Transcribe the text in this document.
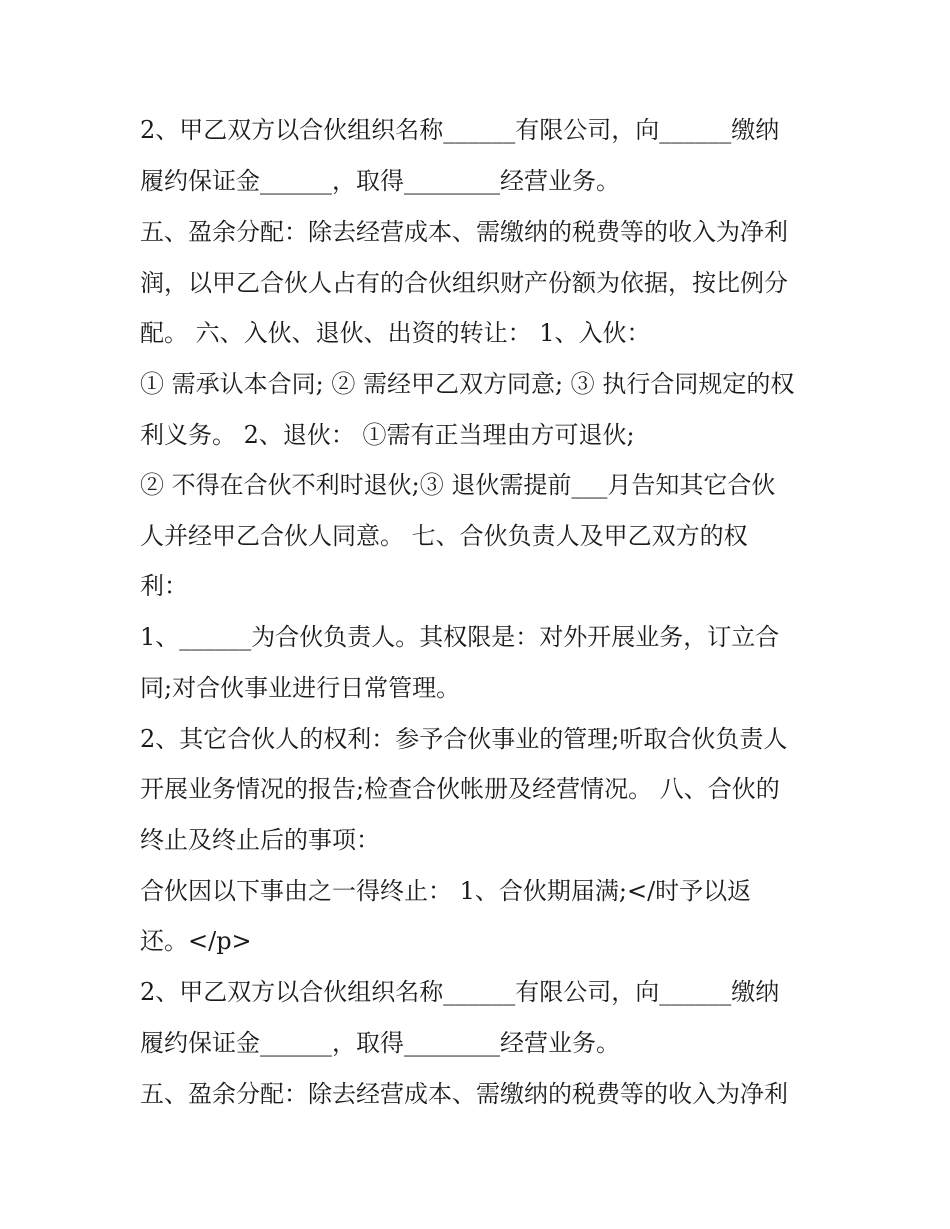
2、甲乙双方以合伙组织名称______有限公司，向______缴纳
履约保证金______，取得________经营业务。
五、盈余分配：除去经营成本、需缴纳的税费等的收入为净利
润，以甲乙合伙人占有的合伙组织财产份额为依据，按比例分
配。 六、入伙、退伙、出资的转让： 1、入伙：
① 需承认本合同; ② 需经甲乙双方同意; ③ 执行合同规定的权
利义务。 2、退伙： ①需有正当理由方可退伙;
② 不得在合伙不利时退伙;③ 退伙需提前___月告知其它合伙
人并经甲乙合伙人同意。 七、合伙负责人及甲乙双方的权
利：
1、______为合伙负责人。其权限是：对外开展业务，订立合
同;对合伙事业进行日常管理。
2、其它合伙人的权利：参予合伙事业的管理;听取合伙负责人
开展业务情况的报告;检查合伙帐册及经营情况。 八、合伙的
终止及终止后的事项：
合伙因以下事由之一得终止： 1、合伙期届满;</时予以返
还。</p>
2、甲乙双方以合伙组织名称______有限公司，向______缴纳
履约保证金______，取得________经营业务。
五、盈余分配：除去经营成本、需缴纳的税费等的收入为净利
